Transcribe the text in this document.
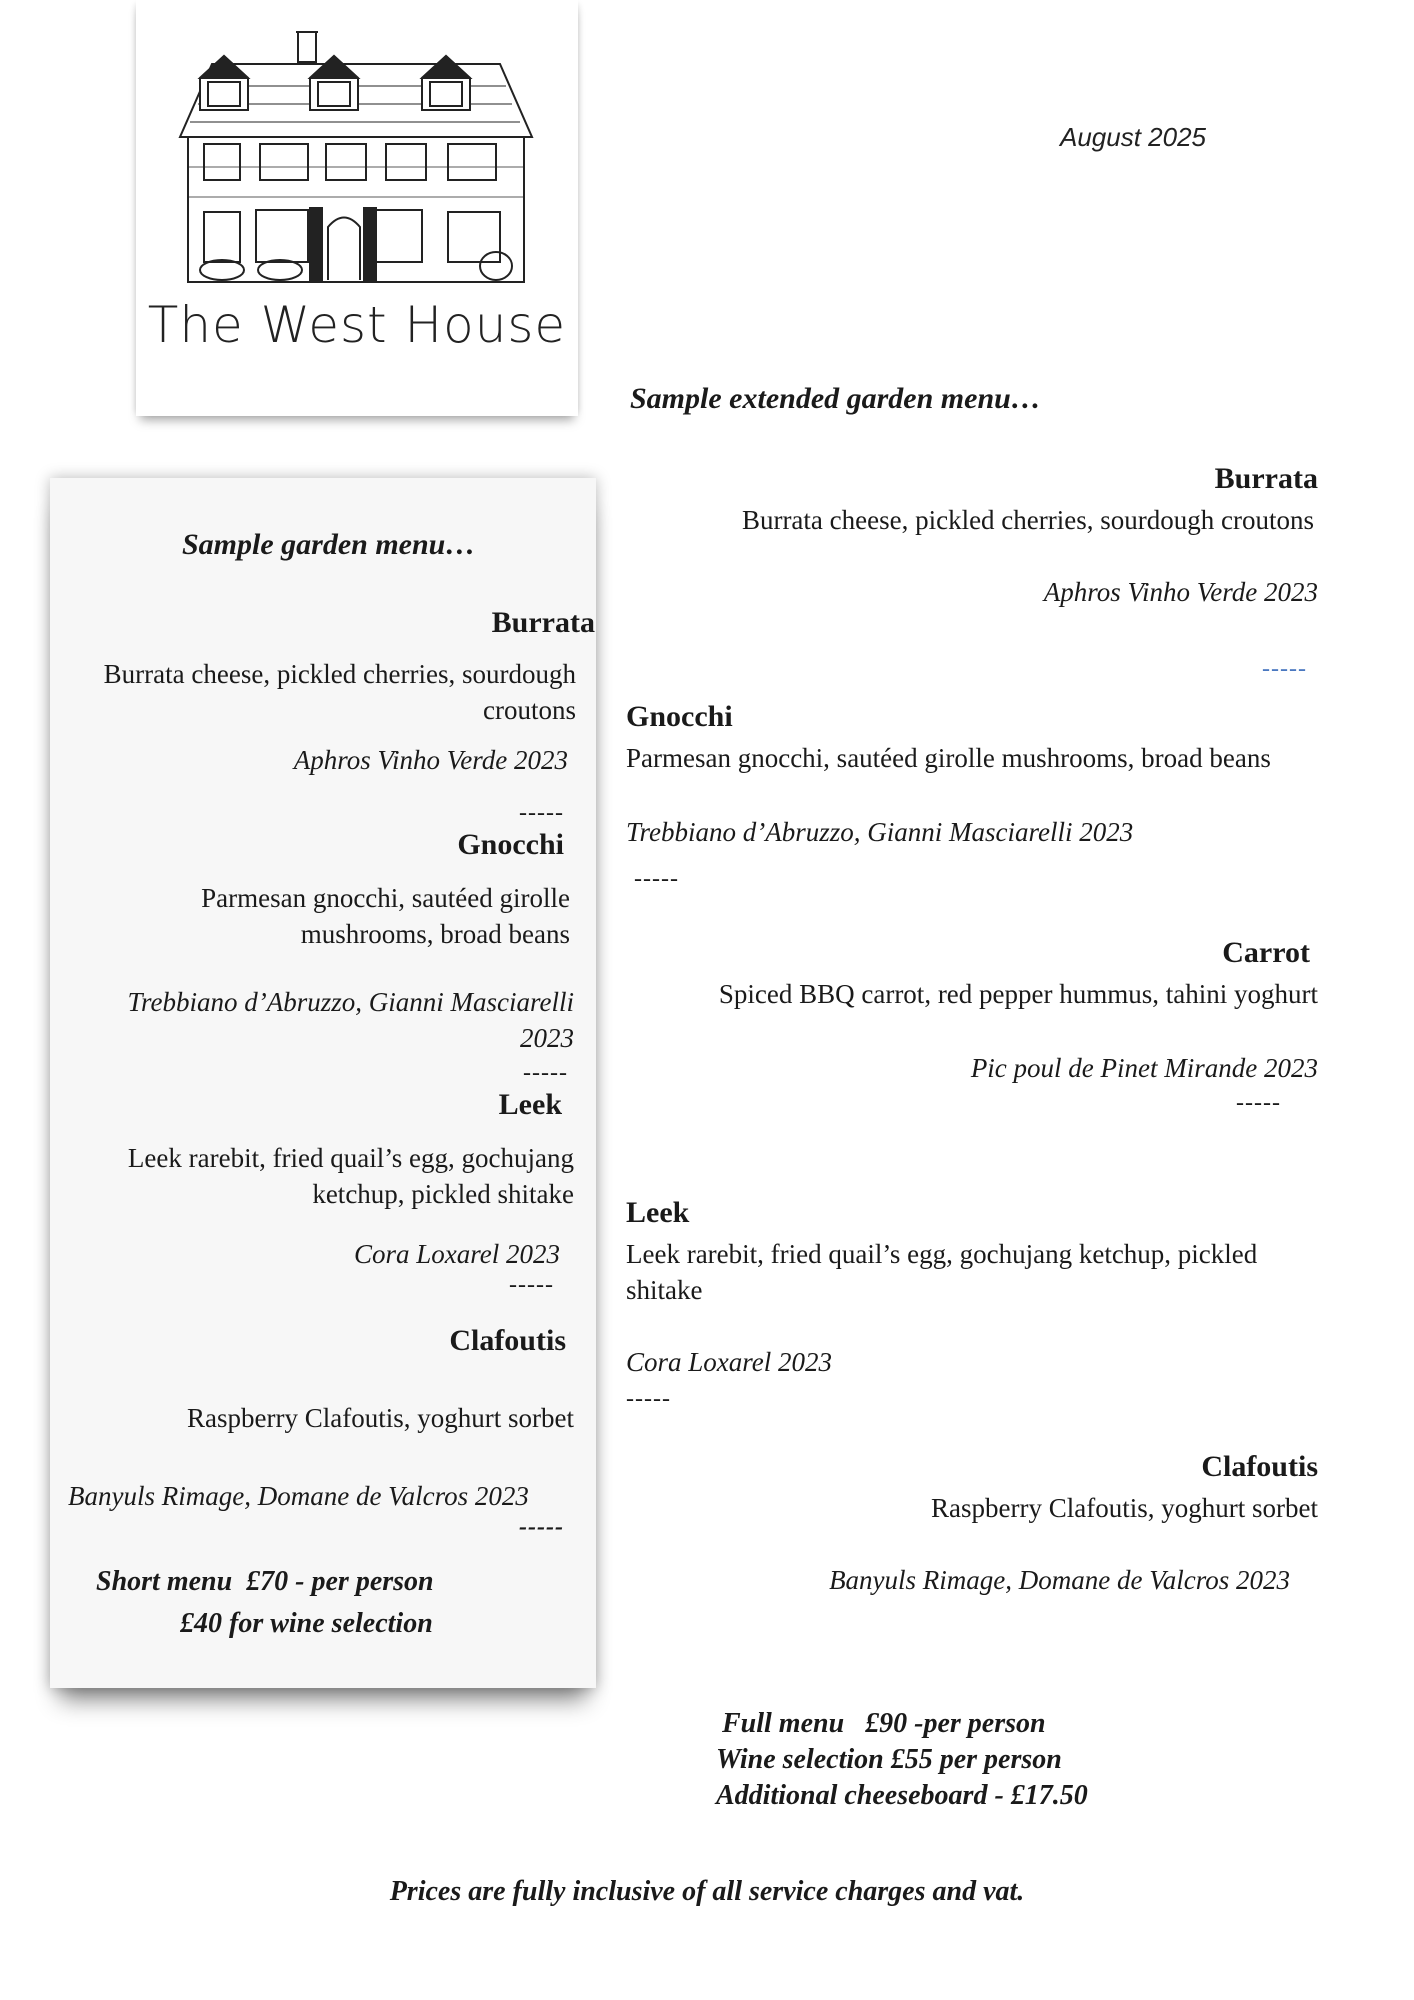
The West House
August 2025
Sample extended garden menu…
Sample garden menu…
Burrata
Burrata cheese, pickled cherries, sourdough croutons
Aphros Vinho Verde 2023
-----
Gnocchi
Parmesan gnocchi, sautéed girolle mushrooms, broad beans
Trebbiano d’Abruzzo, Gianni Masciarelli 2023
-----
Leek
Leek rarebit, fried quail’s egg, gochujang ketchup, pickled shitake
Cora Loxarel 2023
-----
Clafoutis
Raspberry Clafoutis, yoghurt sorbet
Banyuls Rimage, Domane de Valcros 2023
-----
Short menu  £70 - per person
£40 for wine selection
Burrata
Burrata cheese, pickled cherries, sourdough croutons
Aphros Vinho Verde 2023
-----
Gnocchi
Parmesan gnocchi, sautéed girolle mushrooms, broad beans
Trebbiano d’Abruzzo, Gianni Masciarelli 2023
-----
Carrot
Spiced BBQ carrot, red pepper hummus, tahini yoghurt
Pic poul de Pinet Mirande 2023
-----
Leek
Leek rarebit, fried quail’s egg, gochujang ketchup, pickled shitake
Cora Loxarel 2023
-----
Clafoutis
Raspberry Clafoutis, yoghurt sorbet
Banyuls Rimage, Domane de Valcros 2023
Full menu   £90 -per person
Wine selection £55 per person
Additional cheeseboard - £17.50
Prices are fully inclusive of all service charges and vat.
